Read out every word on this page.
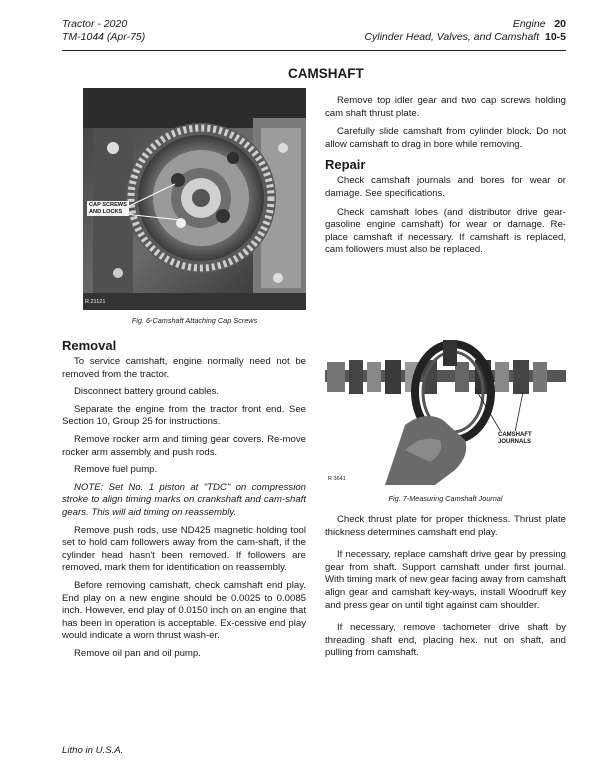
Tractor - 2020
TM-1044 (Apr-75)
Engine 20
Cylinder Head, Valves, and Camshaft 10-5
CAMSHAFT
CAP SCREWS
AND LOCKS
R 21121
Fig. 6-Camshaft Attaching Cap Screws
Removal

To service camshaft, engine normally need not be removed from the tractor.

Disconnect battery ground cables.

Separate the engine from the tractor front end. See Section 10, Group 25 for instructions.

Remove rocker arm and timing gear covers. Re-move rocker arm assembly and push rods.

Remove fuel pump.

NOTE: Set No. 1 piston at "TDC" on compression stroke to align timing marks on crankshaft and cam-shaft gears. This will aid timing on reassembly.

Remove push rods, use ND425 magnetic holding tool set to hold cam followers away from the cam-shaft, if the cylinder head hasn't been removed. If followers are removed, mark them for identification on reassembly.

Before removing camshaft, check camshaft end play. End play on a new engine should be 0.0025 to 0.0085 inch. However, end play of 0.0150 inch on an engine that has been in operation is acceptable. Ex-cessive end play would indicate a worn thrust wash-er.

Remove oil pan and oil pump.

Remove top idler gear and two cap screws holding cam shaft thrust plate.

Carefully slide camshaft from cylinder block. Do not allow camshaft to drag in bore while removing.

Repair

Check camshaft journals and bores for wear or damage. See specifications.

Check camshaft lobes (and distributor drive gear-gasoline engine camshaft) for wear or damage. Re-place camshaft if necessary. If camshaft is replaced, cam followers must also be replaced.

CAMSHAFT
JOURNALS
R 3641
Fig. 7-Measuring Camshaft Journal

Check thrust plate for proper thickness. Thrust plate thickness determines camshaft end play.

If necessary, replace camshaft drive gear by pressing gear from shaft. Support camshaft under first journal. With timing mark of new gear facing away from camshaft align gear and camshaft key-ways, install Woodruff key and press gear on until tight against cam shoulder.

If necessary, remove tachometer drive shaft by threading shaft end, placing hex. nut on shaft, and pulling from camshaft.

Litho in U.S.A.
